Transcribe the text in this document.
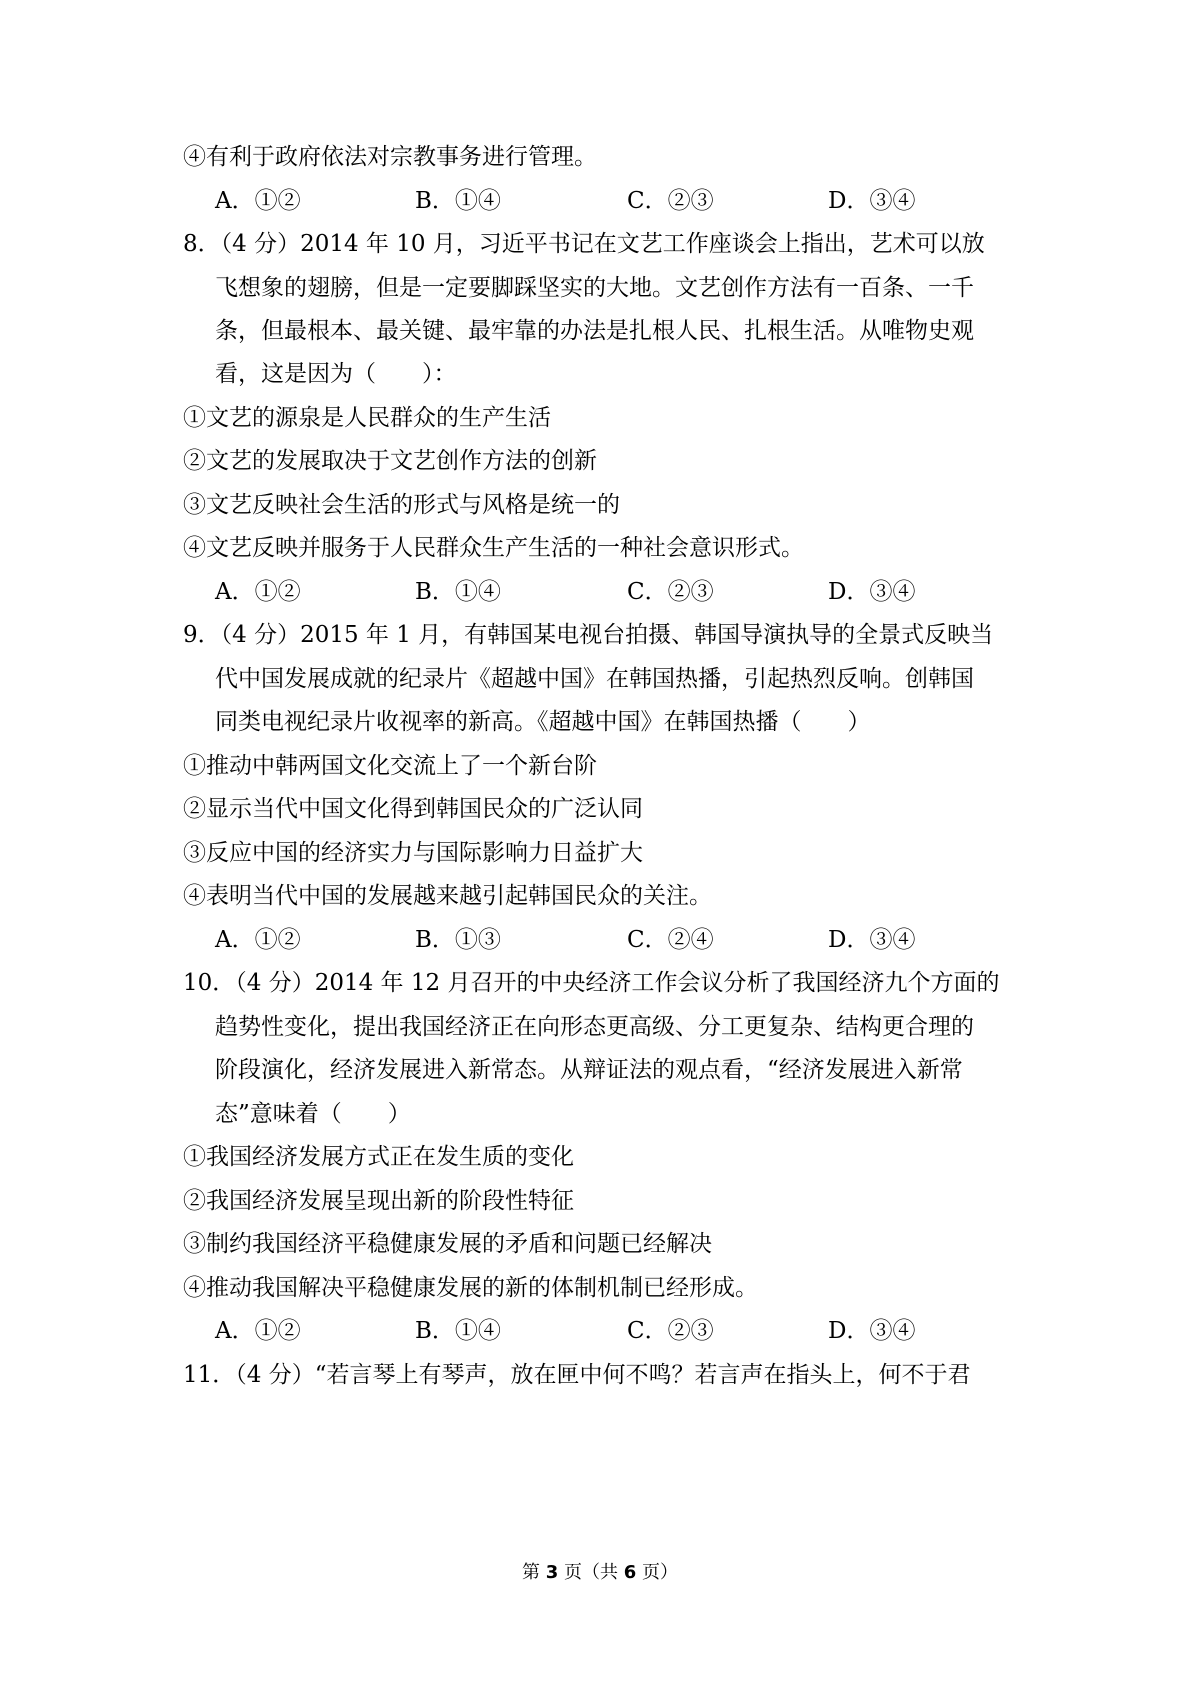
④有利于政府依法对宗教事务进行管理。
A．①②	B．①④	C．②③	D．③④
8．（4 分）2014 年 10 月，习近平书记在文艺工作座谈会上指出，艺术可以放
飞想象的翅膀，但是一定要脚踩坚实的大地。文艺创作方法有一百条、一千
条，但最根本、最关键、最牢靠的办法是扎根人民、扎根生活。从唯物史观
看，这是因为（　　）：
①文艺的源泉是人民群众的生产生活
②文艺的发展取决于文艺创作方法的创新
③文艺反映社会生活的形式与风格是统一的
④文艺反映并服务于人民群众生产生活的一种社会意识形式。
A．①②	B．①④	C．②③	D．③④
9．（4 分）2015 年 1 月，有韩国某电视台拍摄、韩国导演执导的全景式反映当
代中国发展成就的纪录片《超越中国》在韩国热播，引起热烈反响。创韩国
同类电视纪录片收视率的新高。《超越中国》在韩国热播（　　）
①推动中韩两国文化交流上了一个新台阶
②显示当代中国文化得到韩国民众的广泛认同
③反应中国的经济实力与国际影响力日益扩大
④表明当代中国的发展越来越引起韩国民众的关注。
A．①②	B．①③	C．②④	D．③④
10．（4 分）2014 年 12 月召开的中央经济工作会议分析了我国经济九个方面的
趋势性变化，提出我国经济正在向形态更高级、分工更复杂、结构更合理的
阶段演化，经济发展进入新常态。从辩证法的观点看，“经济发展进入新常
态”意味着（　　）
①我国经济发展方式正在发生质的变化
②我国经济发展呈现出新的阶段性特征
③制约我国经济平稳健康发展的矛盾和问题已经解决
④推动我国解决平稳健康发展的新的体制机制已经形成。
A．①②	B．①④	C．②③	D．③④
11．（4 分）“若言琴上有琴声，放在匣中何不鸣？若言声在指头上，何不于君
第 3 页（共 6 页）
